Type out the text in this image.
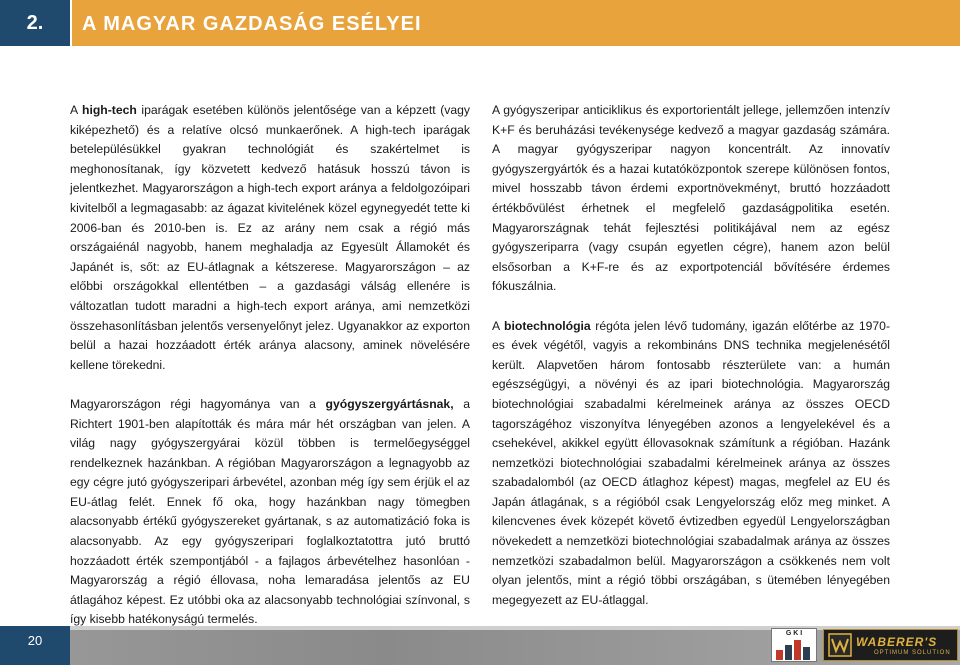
2.	A MAGYAR GAZDASÁG ESÉLYEI

A high-tech iparágak esetében különös jelentősége van a képzett (vagy kiképezhető) és a relatíve olcsó munkaerőnek. A high-tech iparágak betelepülésükkel gyakran technológiát és szakértelmet is meghonosítanak, így közvetett kedvező hatásuk hosszú távon is jelentkezhet. Magyarországon a high-tech export aránya a feldolgozóipari kivitelből a legmagasabb: az ágazat kivitelének közel egynegyedét tette ki 2006-ban és 2010-ben is. Ez az arány nem csak a régió más országaiénál nagyobb, hanem meghaladja az Egyesült Államokét és Japánét is, sőt: az EU-átlagnak a kétszerese. Magyarországon – az előbbi országokkal ellentétben – a gazdasági válság ellenére is változatlan tudott maradni a high-tech export aránya, ami nemzetközi összehasonlításban jelentős versenyelőnyt jelez. Ugyanakkor az exporton belül a hazai hozzáadott érték aránya alacsony, aminek növelésére kellene törekedni.

Magyarországon régi hagyománya van a gyógyszergyártásnak, a Richtert 1901-ben alapították és mára már hét országban van jelen. A világ nagy gyógyszergyárai közül többen is termelőegységgel rendelkeznek hazánkban. A régióban Magyarországon a legnagyobb az egy cégre jutó gyógyszeripari árbevétel, azonban még így sem érjük el az EU-átlag felét. Ennek fő oka, hogy hazánkban nagy tömegben alacsonyabb értékű gyógyszereket gyártanak, s az automatizáció foka is alacsonyabb. Az egy gyógyszeripari foglalkoztatottra jutó bruttó hozzáadott érték szempontjából - a fajlagos árbevételhez hasonlóan - Magyarország a régió éllovasa, noha lemaradása jelentős az EU átlagához képest. Ez utóbbi oka az alacsonyabb technológiai színvonal, s így kisebb hatékonyságú termelés.

A gyógyszeripar anticiklikus és exportorientált jellege, jellemzően intenzív K+F és beruházási tevékenysége kedvező a magyar gazdaság számára. A magyar gyógyszeripar nagyon koncentrált. Az innovatív gyógyszergyártók és a hazai kutatóközpontok szerepe különösen fontos, mivel hosszabb távon érdemi exportnövekményt, bruttó hozzáadott értékbővülést érhetnek el megfelelő gazdaságpolitika esetén. Magyarországnak tehát fejlesztési politikájával nem az egész gyógyszeriparra (vagy csupán egyetlen cégre), hanem azon belül elsősorban a K+F-re és az exportpotenciál bővítésére érdemes fókuszálnia.

A biotechnológia régóta jelen lévő tudomány, igazán előtérbe az 1970-es évek végétől, vagyis a rekombináns DNS technika megjelenésétől került. Alapvetően három fontosabb részterülete van: a humán egészségügyi, a növényi és az ipari biotechnológia. Magyarország biotechnológiai szabadalmi kérelmeinek aránya az összes OECD tagországéhoz viszonyítva lényegében azonos a lengyelekével és a csehekével, akikkel együtt éllovasoknak számítunk a régióban. Hazánk nemzetközi biotechnológiai szabadalmi kérelmeinek aránya az összes szabadalomból (az OECD átlaghoz képest) magas, megfelel az EU és Japán átlagának, s a régióból csak Lengyelország előz meg minket. A kilencvenes évek közepét követő évtizedben egyedül Lengyelországban növekedett a nemzetközi biotechnológiai szabadalmak aránya az összes nemzetközi szabadalmon belül. Magyarországon a csökkenés nem volt olyan jelentős, mint a régió többi országában, s ütemében lényegében megegyezett az EU-átlaggal.

20	G K I
WABERER'S
OPTIMUM SOLUTION
